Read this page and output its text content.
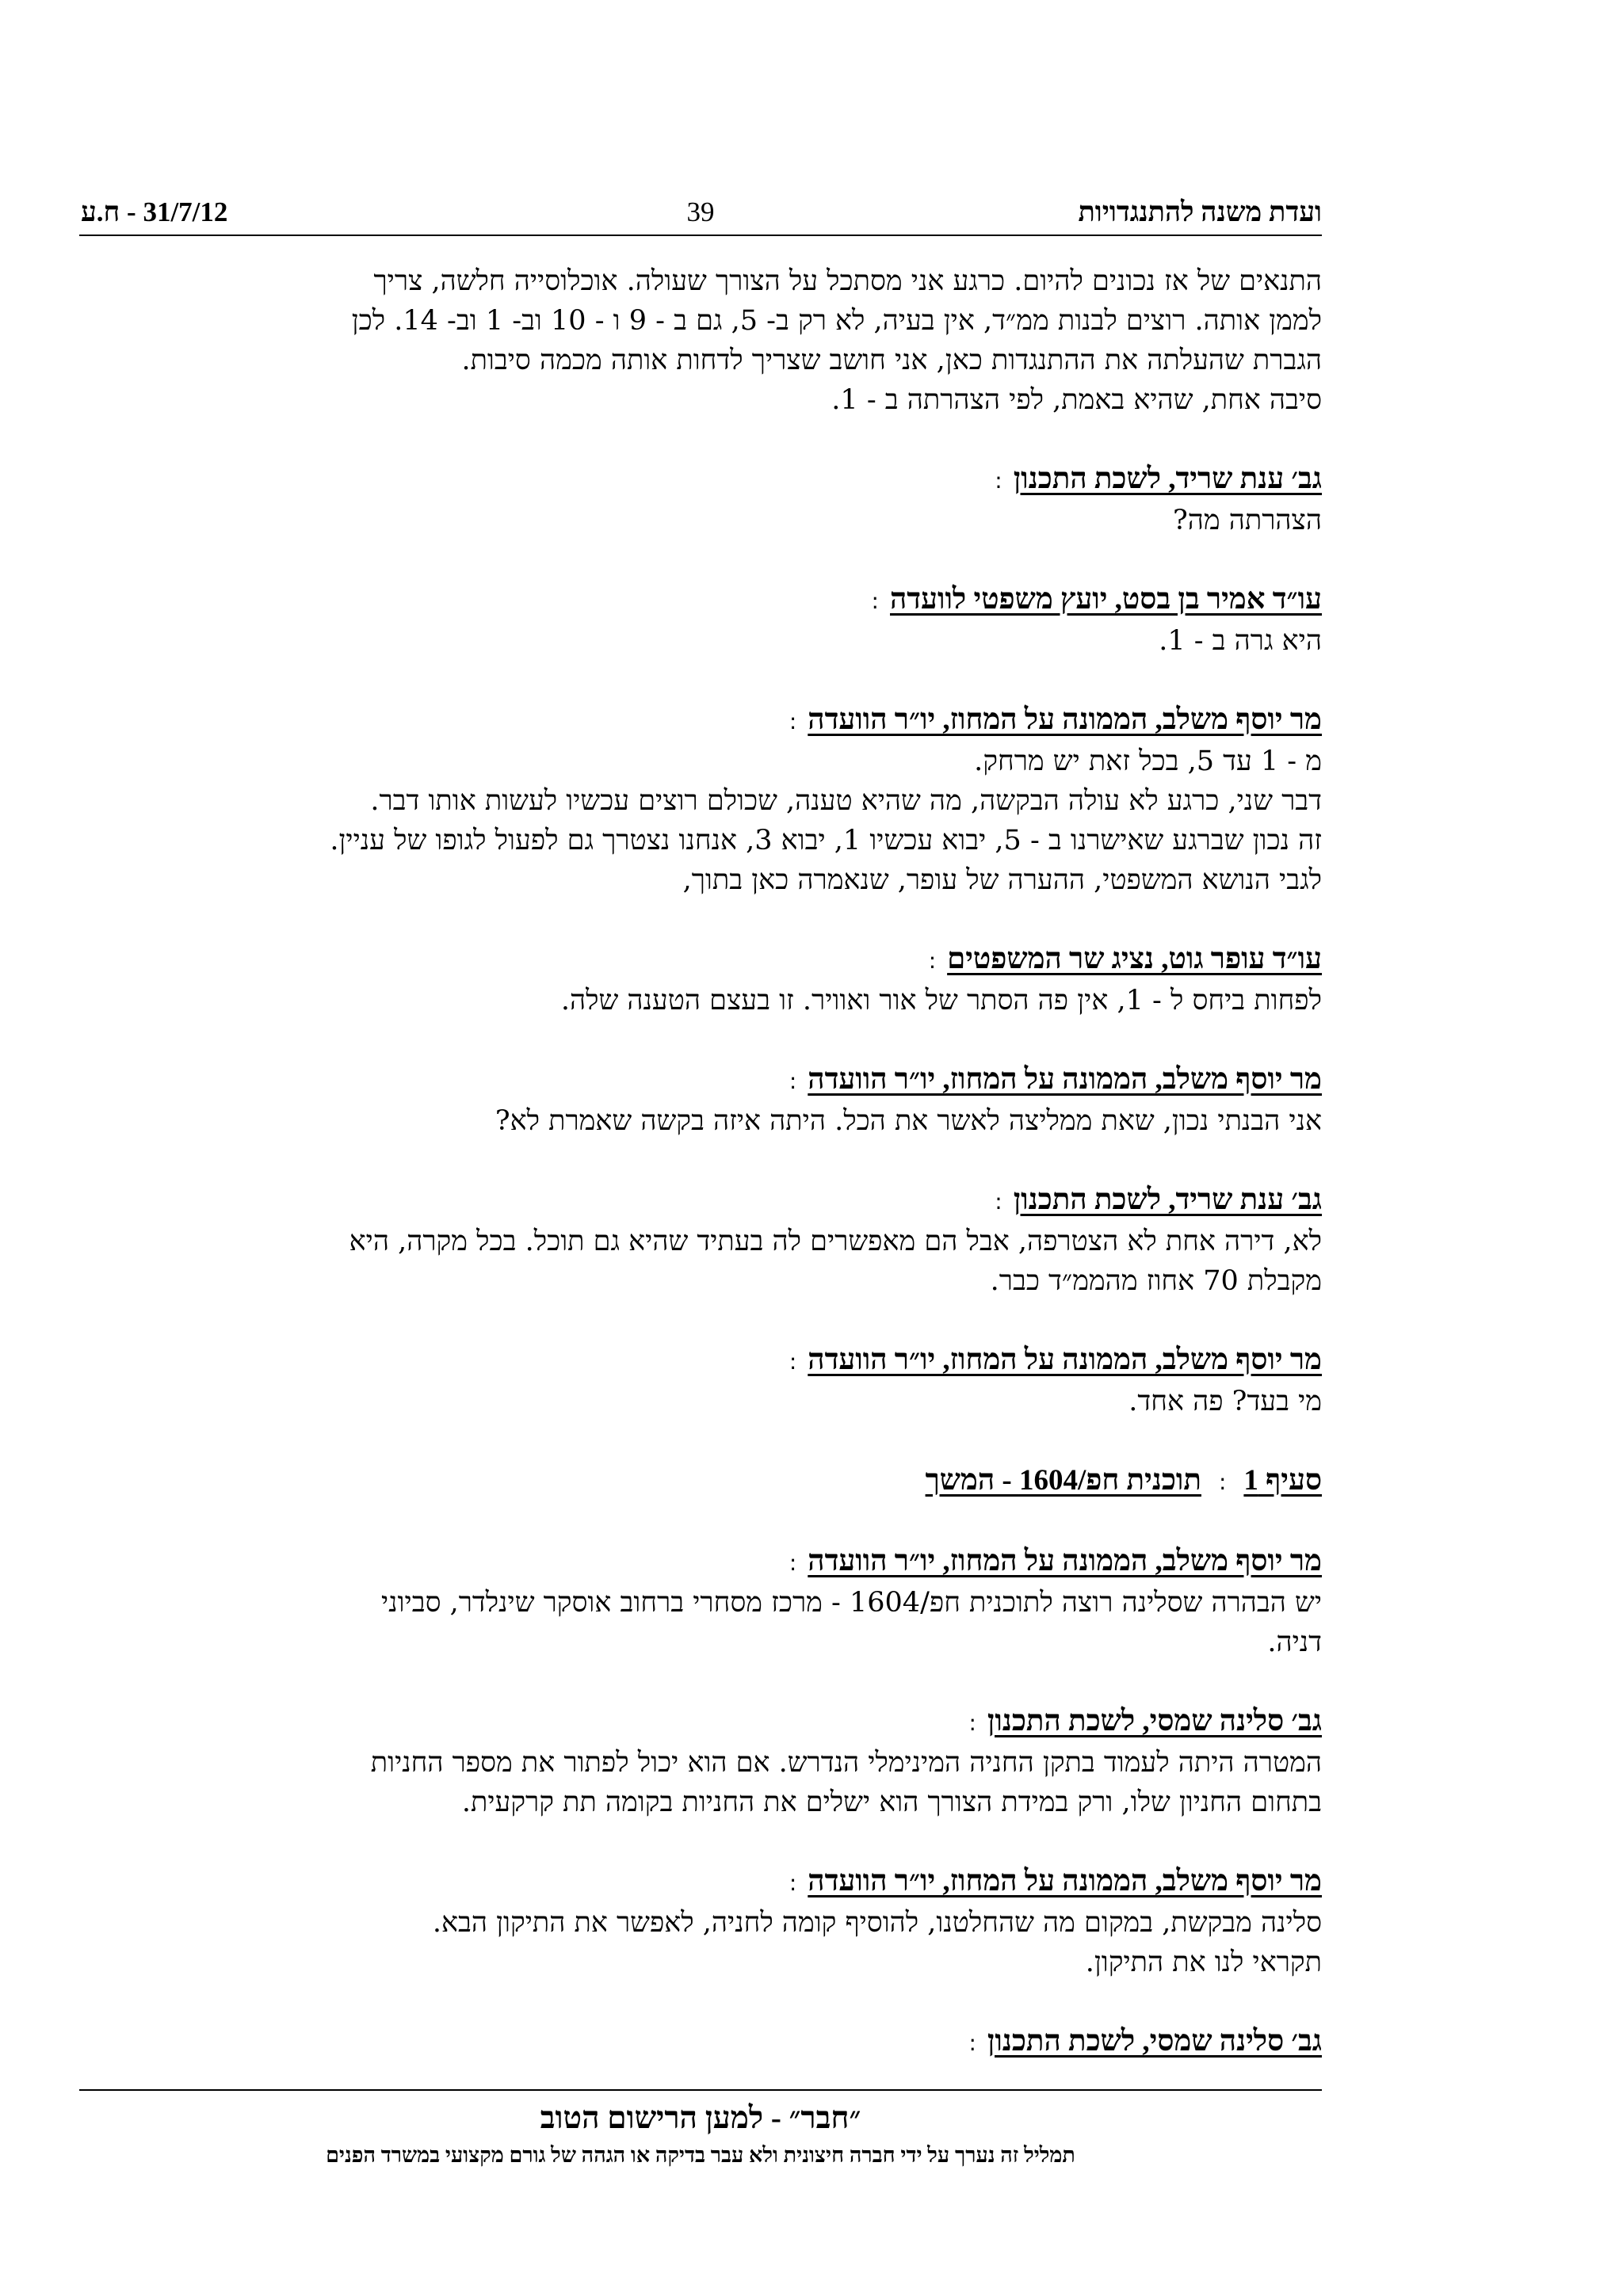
ועדת משנה להתנגדויות
39
31/7/12 - ח.ע
התנאים של אז נכונים להיום. כרגע אני מסתכל על הצורך שעולה. אוכלוסייה חלשה, צריך
לממן אותה. רוצים לבנות ממ״ד, אין בעיה, לא רק ב- 5, גם ב - 9 ו - 10 וב- 1 וב- 14. לכן
הגברת שהעלתה את ההתנגדות כאן, אני חושב שצריך לדחות אותה מכמה סיבות.
סיבה אחת, שהיא באמת, לפי הצהרתה ב - 1.
גב׳ ענת שריד, לשכת התכנון:
הצהרתה מה?
עו״ד אמיר בן בסט, יועץ משפטי לוועדה:
היא גרה ב - 1.
מר יוסף משלב, הממונה על המחוז, יו״ר הוועדה:
מ - 1 עד 5, בכל זאת יש מרחק.
דבר שני, כרגע לא עולה הבקשה, מה שהיא טענה, שכולם רוצים עכשיו לעשות אותו דבר.
זה נכון שברגע שאישרנו ב - 5, יבוא עכשיו 1, יבוא 3, אנחנו נצטרך גם לפעול לגופו של עניין.
לגבי הנושא המשפטי, ההערה של עופר, שנאמרה כאן בתוך,
עו״ד עופר גוט, נציג שר המשפטים:
לפחות ביחס ל - 1, אין פה הסתר של אור ואוויר. זו בעצם הטענה שלה.
מר יוסף משלב, הממונה על המחוז, יו״ר הוועדה:
אני הבנתי נכון, שאת ממליצה לאשר את הכל. היתה איזה בקשה שאמרת לא?
גב׳ ענת שריד, לשכת התכנון:
לא, דירה אחת לא הצטרפה, אבל הם מאפשרים לה בעתיד שהיא גם תוכל. בכל מקרה, היא
מקבלת 70 אחוז מהממ״ד כבר.
מר יוסף משלב, הממונה על המחוז, יו״ר הוועדה:
מי בעד? פה אחד.
סעיף 1:תוכנית חפ/1604 - המשך
מר יוסף משלב, הממונה על המחוז, יו״ר הוועדה:
יש הבהרה שסלינה רוצה לתוכנית חפ/1604 - מרכז מסחרי ברחוב אוסקר שינלדר, סביוני
דניה.
גב׳ סלינה שמסי, לשכת התכנון:
המטרה היתה לעמוד בתקן החניה המינימלי הנדרש. אם הוא יכול לפתור את מספר החניות
בתחום החניון שלו, ורק במידת הצורך הוא ישלים את החניות בקומה תת קרקעית.
מר יוסף משלב, הממונה על המחוז, יו״ר הוועדה:
סלינה מבקשת, במקום מה שהחלטנו, להוסיף קומה לחניה, לאפשר את התיקון הבא.
תקראי לנו את התיקון.
גב׳ סלינה שמסי, לשכת התכנון:
״חבר״ - למען הרישום הטוב
תמליל זה נערך על ידי חברה חיצונית ולא עבר בדיקה או הגהה של גורם מקצועי במשרד הפנים
